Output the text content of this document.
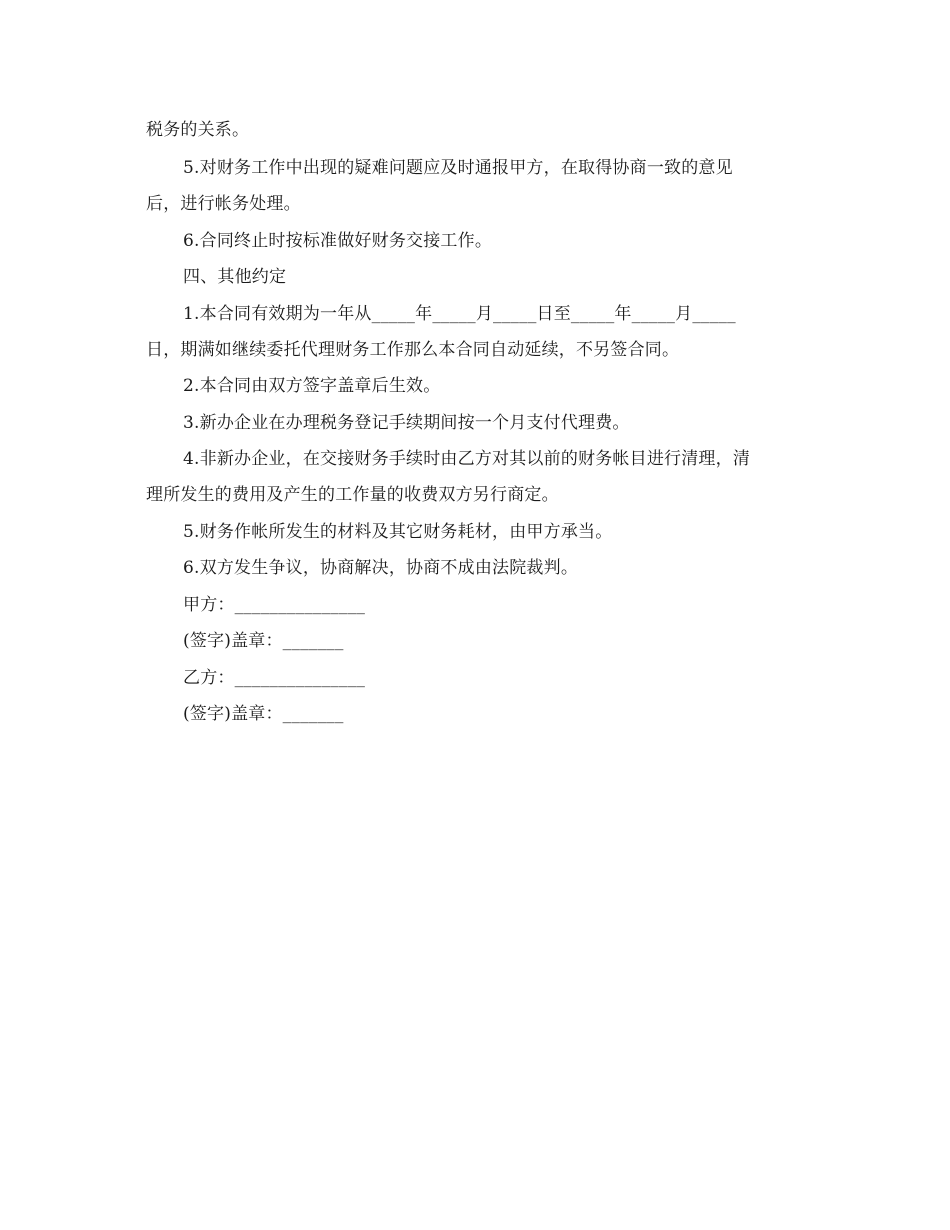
税务的关系。
5.对财务工作中出现的疑难问题应及时通报甲方，在取得协商一致的意见
后，进行帐务处理。
6.合同终止时按标准做好财务交接工作。
四、其他约定
1.本合同有效期为一年从_____年_____月_____日至_____年_____月_____
日，期满如继续委托代理财务工作那么本合同自动延续，不另签合同。
2.本合同由双方签字盖章后生效。
3.新办企业在办理税务登记手续期间按一个月支付代理费。
4.非新办企业，在交接财务手续时由乙方对其以前的财务帐目进行清理，清
理所发生的费用及产生的工作量的收费双方另行商定。
5.财务作帐所发生的材料及其它财务耗材，由甲方承当。
6.双方发生争议，协商解决，协商不成由法院裁判。
甲方：_______________
(签字)盖章：_______
乙方：_______________
(签字)盖章：_______
